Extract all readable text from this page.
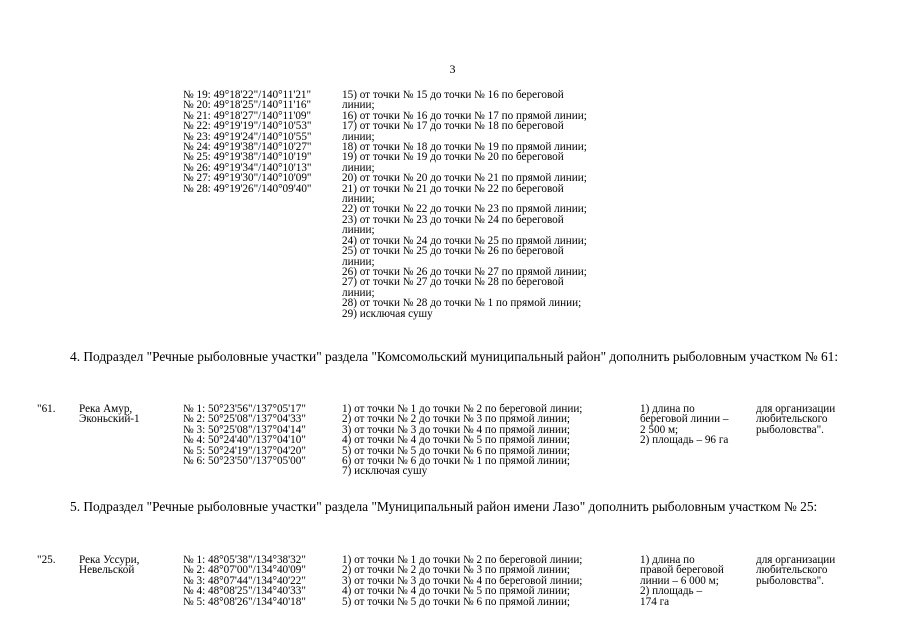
3
№ 19: 49°18'22"/140°11'21"
№ 20: 49°18'25"/140°11'16"
№ 21: 49°18'27"/140°11'09"
№ 22: 49°19'19"/140°10'53"
№ 23: 49°19'24"/140°10'55"
№ 24: 49°19'38"/140°10'27"
№ 25: 49°19'38"/140°10'19"
№ 26: 49°19'34"/140°10'13"
№ 27: 49°19'30"/140°10'09"
№ 28: 49°19'26"/140°09'40"
15) от точки № 15 до точки № 16 по береговой
линии;
16) от точки № 16 до точки № 17 по прямой линии;
17) от точки № 17 до точки № 18 по береговой
линии;
18) от точки № 18 до точки № 19 по прямой линии;
19) от точки № 19 до точки № 20 по береговой
линии;
20) от точки № 20 до точки № 21 по прямой линии;
21) от точки № 21 до точки № 22 по береговой
линии;
22) от точки № 22 до точки № 23 по прямой линии;
23) от точки № 23 до точки № 24 по береговой
линии;
24) от точки № 24 до точки № 25 по прямой линии;
25) от точки № 25 до точки № 26 по береговой
линии;
26) от точки № 26 до точки № 27 по прямой линии;
27) от точки № 27 до точки № 28 по береговой
линии;
28) от точки № 28 до точки № 1 по прямой линии;
29) исключая сушу
4. Подраздел "Речные рыболовные участки" раздела "Комсомольский муниципальный район" дополнить рыболовным участком № 61:
"61. Река Амур,
Эконьский-1
№ 1: 50°23'56"/137°05'17"
№ 2: 50°25'08"/137°04'33"
№ 3: 50°25'08"/137°04'14"
№ 4: 50°24'40"/137°04'10"
№ 5: 50°24'19"/137°04'20"
№ 6: 50°23'50"/137°05'00"
1) от точки № 1 до точки № 2 по береговой линии;
2) от точки № 2 до точки № 3 по прямой линии;
3) от точки № 3 до точки № 4 по прямой линии;
4) от точки № 4 до точки № 5 по прямой линии;
5) от точки № 5 до точки № 6 по прямой линии;
6) от точки № 6 до точки № 1 по прямой линии;
7) исключая сушу
1) длина по
береговой линии –
2 500 м;
2) площадь – 96 га
для организации
любительского
рыболовства".
5. Подраздел "Речные рыболовные участки" раздела "Муниципальный район имени Лазо" дополнить рыболовным участком № 25:
"25. Река Уссури,
Невельской
№ 1: 48°05'38"/134°38'32"
№ 2: 48°07'00"/134°40'09"
№ 3: 48°07'44"/134°40'22"
№ 4: 48°08'25"/134°40'33"
№ 5: 48°08'26"/134°40'18"
1) от точки № 1 до точки № 2 по береговой линии;
2) от точки № 2 до точки № 3 по прямой линии;
3) от точки № 3 до точки № 4 по береговой линии;
4) от точки № 4 до точки № 5 по прямой линии;
5) от точки № 5 до точки № 6 по прямой линии;
1) длина по
правой береговой
линии – 6 000 м;
2) площадь –
174 га
для организации
любительского
рыболовства".
